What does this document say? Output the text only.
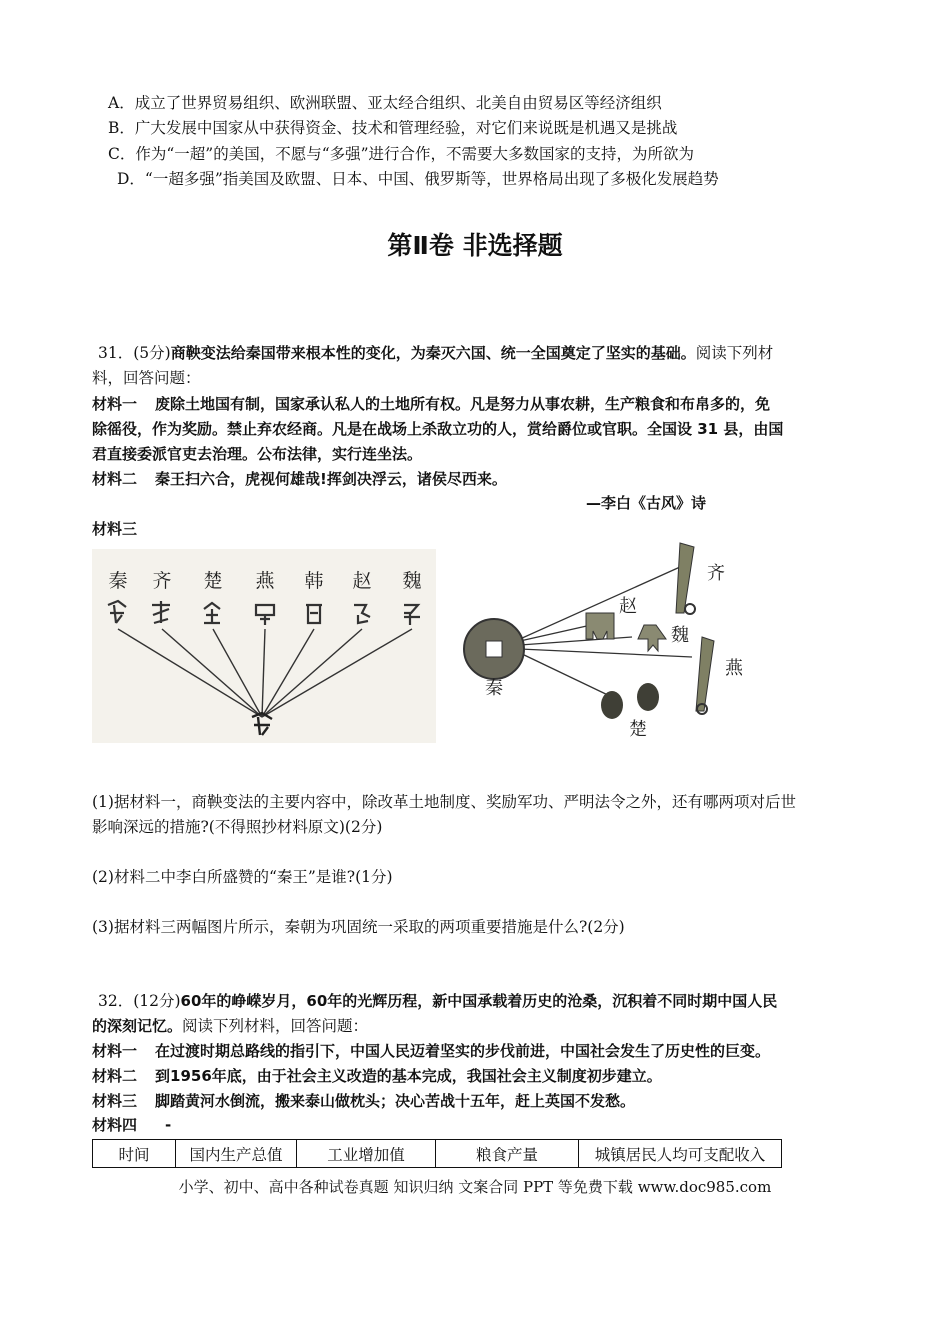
A．成立了世界贸易组织、欧洲联盟、亚太经合组织、北美自由贸易区等经济组织
B．广大发展中国家从中获得资金、技术和管理经验，对它们来说既是机遇又是挑战
C．作为“一超”的美国，不愿与“多强”进行合作，不需要大多数国家的支持，为所欲为
D．“一超多强”指美国及欧盟、日本、中国、俄罗斯等，世界格局出现了多极化发展趋势
第Ⅱ卷 非选择题
31．(5分)商鞅变法给秦国带来根本性的变化，为秦灭六国、统一全国奠定了坚实的基础。阅读下列材
料，回答问题：
材料一 废除土地国有制，国家承认私人的土地所有权。凡是努力从事农耕，生产粮食和布帛多的，免
除徭役，作为奖励。禁止弃农经商。凡是在战场上杀敌立功的人，赏给爵位或官职。全国设 31 县，由国
君直接委派官吏去治理。公布法律，实行连坐法。
材料二 秦王扫六合，虎视何雄哉!挥剑决浮云，诸侯尽西来。
—李白《古风》诗
材料三
秦 齐 楚 燕 韩 赵 魏
秦
齐
赵
魏
燕
楚
(1)据材料一，商鞅变法的主要内容中，除改革土地制度、奖励军功、严明法令之外，还有哪两项对后世
影响深远的措施?(不得照抄材料原文)(2分)
(2)材料二中李白所盛赞的“秦王”是谁?(1分)
(3)据材料三两幅图片所示，秦朝为巩固统一采取的两项重要措施是什么?(2分)
32．(12分)60年的峥嵘岁月，60年的光辉历程，新中国承载着历史的沧桑，沉积着不同时期中国人民
的深刻记忆。阅读下列材料，回答问题：
材料一 在过渡时期总路线的指引下，中国人民迈着坚实的步伐前进，中国社会发生了历史性的巨变。
材料二 到1956年底，由于社会主义改造的基本完成，我国社会主义制度初步建立。
材料三 脚踏黄河水倒流，搬来泰山做枕头；决心苦战十五年，赶上英国不发愁。
材料四 -
时间	国内生产总值	工业增加值	粮食产量	城镇居民人均可支配收入
小学、初中、高中各种试卷真题 知识归纳 文案合同 PPT 等免费下载 www.doc985.com
